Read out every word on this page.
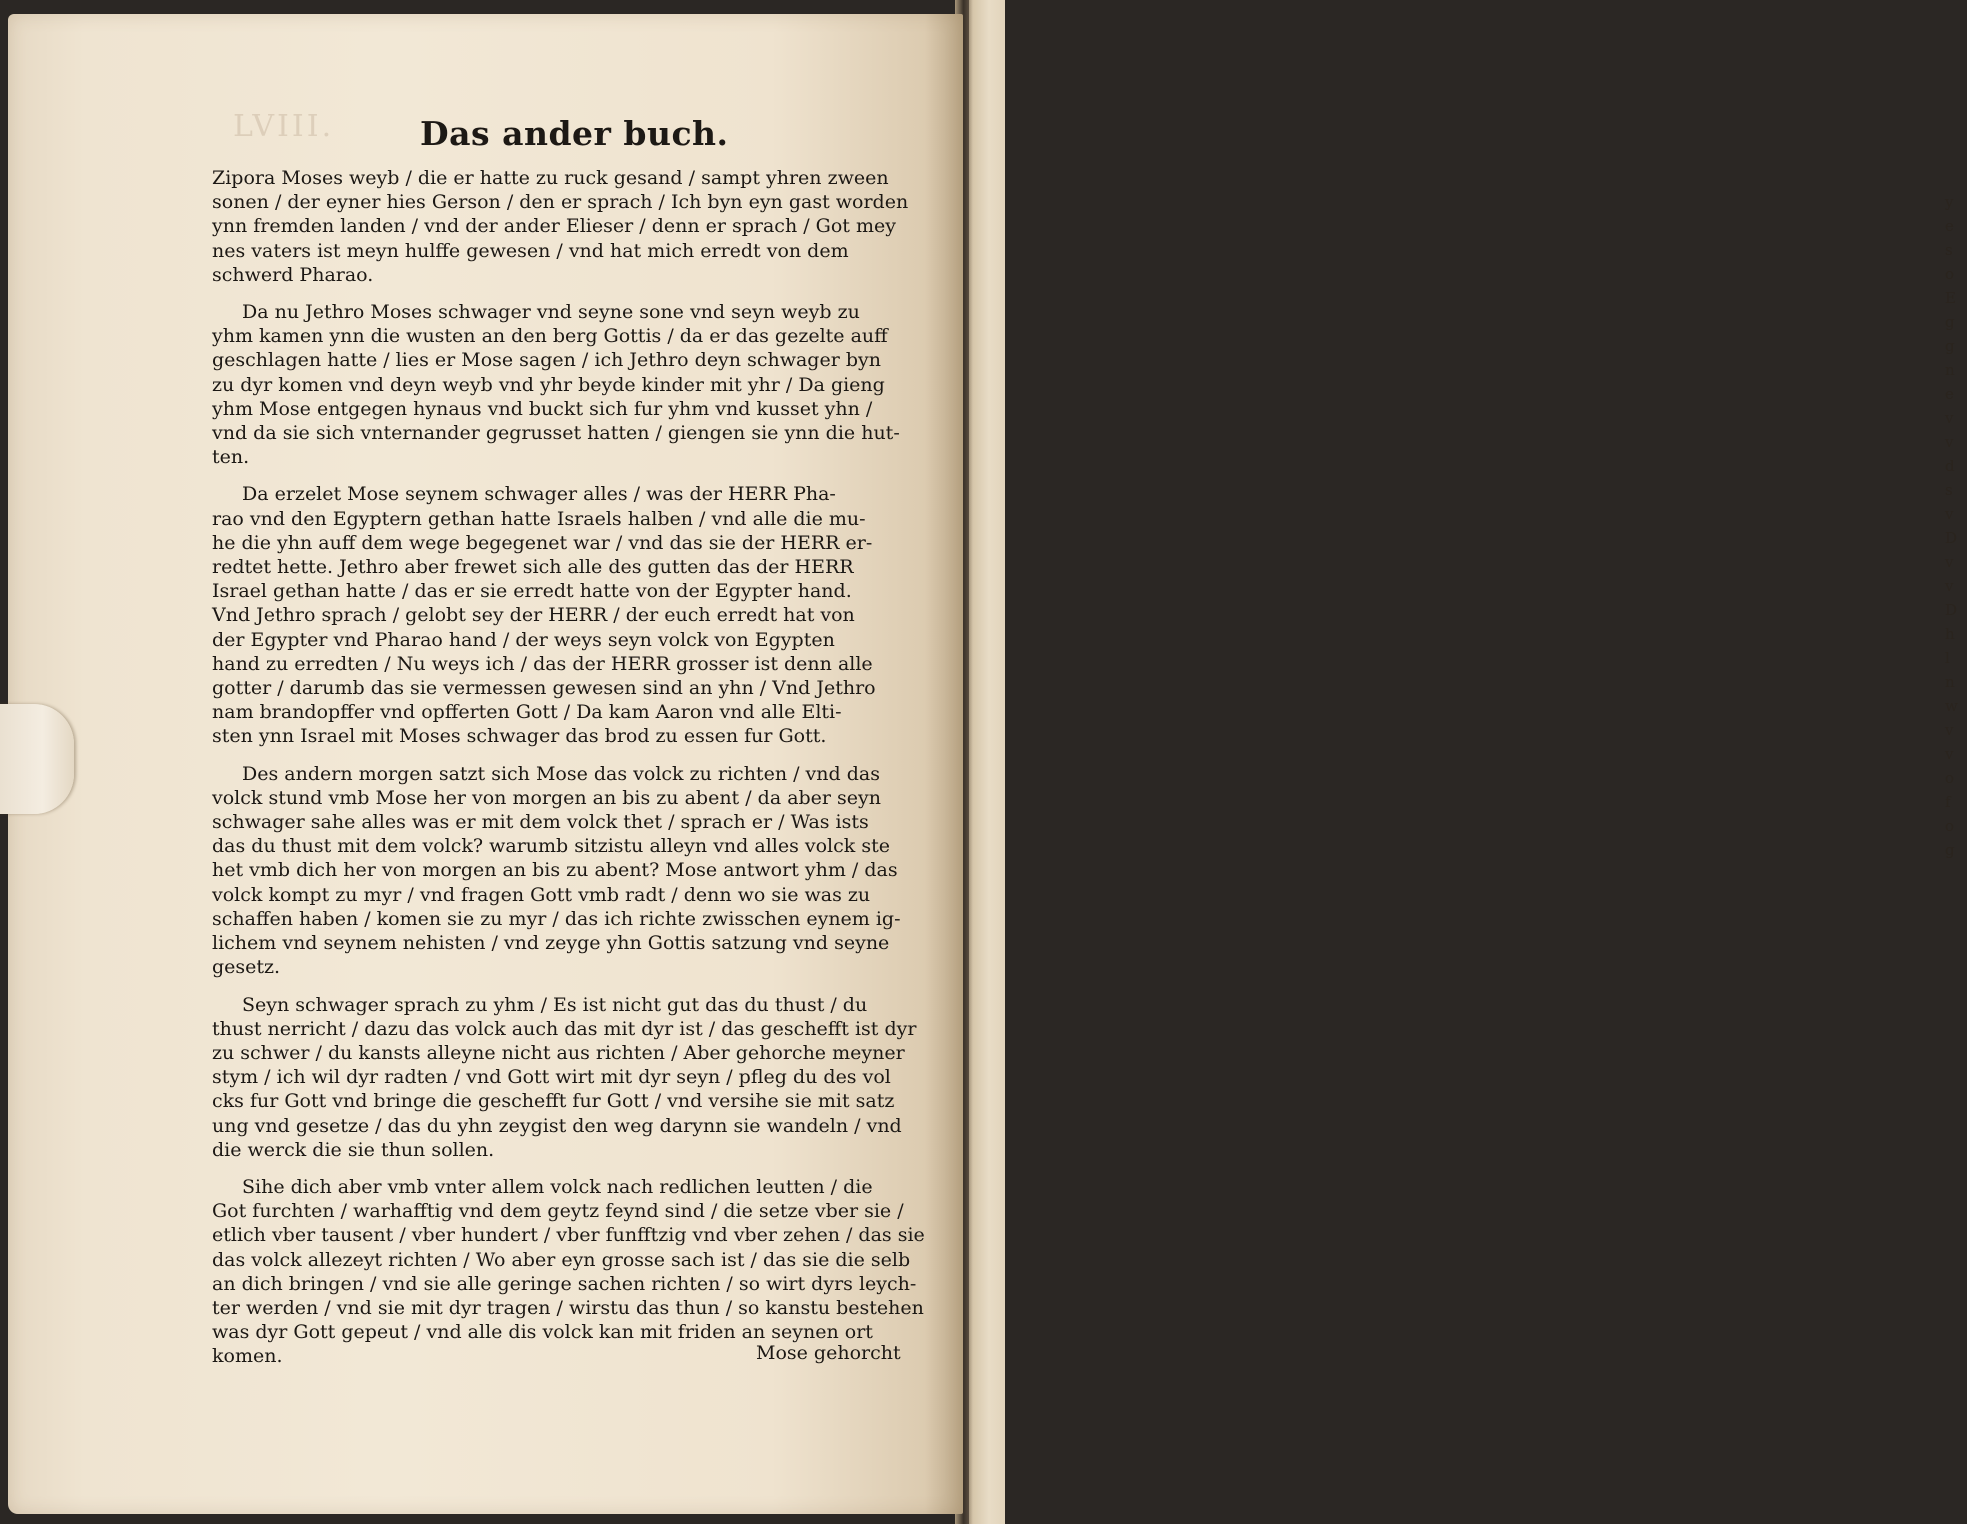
y
e
s
o
E
g
g
n
e
v
v
d
s
v
D
v
v
D
h
l
n
w
v
v
o
f
o
g
LVIII.	Das ander buch.
Zipora Moses weyb / die er hatte zu ruck gesand / sampt yhren zween
sonen / der eyner hies Gerson / den er sprach / Ich byn eyn gast worden
ynn fremden landen / vnd der ander Elieser / denn er sprach / Got mey
nes vaters ist meyn hulffe gewesen / vnd hat mich erredt von dem
schwerd Pharao.
Da nu Jethro Moses schwager vnd seyne sone vnd seyn weyb zu
yhm kamen ynn die wusten an den berg Gottis / da er das gezelte auff
geschlagen hatte / lies er Mose sagen / ich Jethro deyn schwager byn
zu dyr komen vnd deyn weyb vnd yhr beyde kinder mit yhr / Da gieng
yhm Mose entgegen hynaus vnd buckt sich fur yhm vnd kusset yhn /
vnd da sie sich vnternander gegrusset hatten / giengen sie ynn die hut-
ten.
Da erzelet Mose seynem schwager alles / was der HERR Pha-
rao vnd den Egyptern gethan hatte Israels halben / vnd alle die mu-
he die yhn auff dem wege begegenet war / vnd das sie der HERR er-
redtet hette. Jethro aber frewet sich alle des gutten das der HERR
Israel gethan hatte / das er sie erredt hatte von der Egypter hand.
Vnd Jethro sprach / gelobt sey der HERR / der euch erredt hat von
der Egypter vnd Pharao hand / der weys seyn volck von Egypten
hand zu erredten / Nu weys ich / das der HERR grosser ist denn alle
gotter / darumb das sie vermessen gewesen sind an yhn / Vnd Jethro
nam brandopffer vnd opfferten Gott / Da kam Aaron vnd alle Elti-
sten ynn Israel mit Moses schwager das brod zu essen fur Gott.
Des andern morgen satzt sich Mose das volck zu richten / vnd das
volck stund vmb Mose her von morgen an bis zu abent / da aber seyn
schwager sahe alles was er mit dem volck thet / sprach er / Was ists
das du thust mit dem volck? warumb sitzistu alleyn vnd alles volck ste
het vmb dich her von morgen an bis zu abent? Mose antwort yhm / das
volck kompt zu myr / vnd fragen Gott vmb radt / denn wo sie was zu
schaffen haben / komen sie zu myr / das ich richte zwisschen eynem ig-
lichem vnd seynem nehisten / vnd zeyge yhn Gottis satzung vnd seyne
gesetz.
Seyn schwager sprach zu yhm / Es ist nicht gut das du thust / du
thust nerricht / dazu das volck auch das mit dyr ist / das geschefft ist dyr
zu schwer / du kansts alleyne nicht aus richten / Aber gehorche meyner
stym / ich wil dyr radten / vnd Gott wirt mit dyr seyn / pfleg du des vol
cks fur Gott vnd bringe die geschefft fur Gott / vnd versihe sie mit satz
ung vnd gesetze / das du yhn zeygist den weg darynn sie wandeln / vnd
die werck die sie thun sollen.
Sihe dich aber vmb vnter allem volck nach redlichen leutten / die
Got furchten / warhafftig vnd dem geytz feynd sind / die setze vber sie /
etlich vber tausent / vber hundert / vber funfftzig vnd vber zehen / das sie
das volck allezeyt richten / Wo aber eyn grosse sach ist / das sie die selb
an dich bringen / vnd sie alle geringe sachen richten / so wirt dyrs leych-
ter werden / vnd sie mit dyr tragen / wirstu das thun / so kanstu bestehen
was dyr Gott gepeut / vnd alle dis volck kan mit friden an seynen ort
komen.	Mose gehorcht
